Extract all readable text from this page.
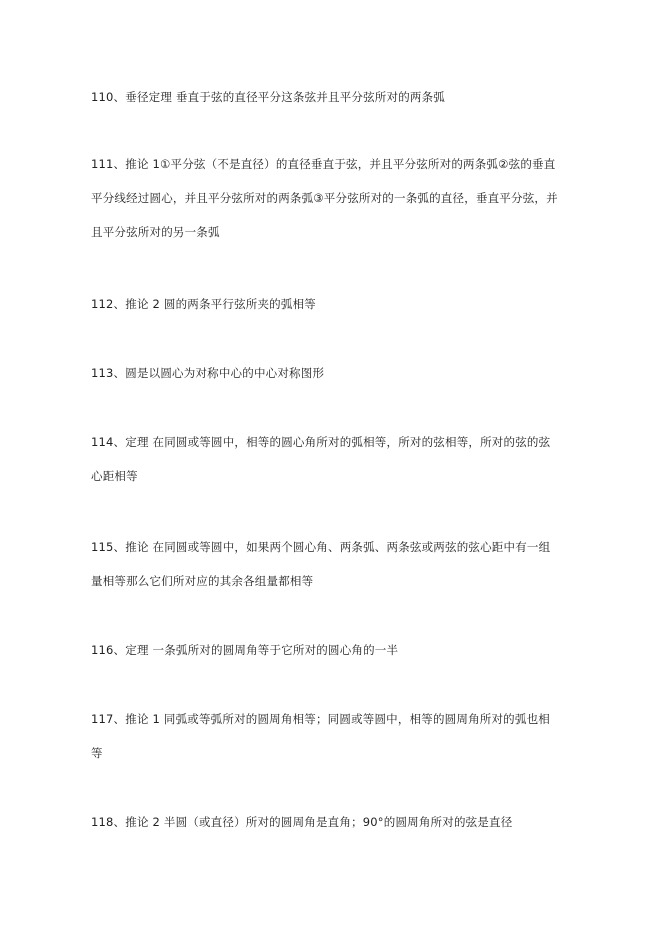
110、垂径定理 垂直于弦的直径平分这条弦并且平分弦所对的两条弧
111、推论 1①平分弦（不是直径）的直径垂直于弦，并且平分弦所对的两条弧②弦的垂直
平分线经过圆心，并且平分弦所对的两条弧③平分弦所对的一条弧的直径，垂直平分弦，并
且平分弦所对的另一条弧
112、推论 2 圆的两条平行弦所夹的弧相等
113、圆是以圆心为对称中心的中心对称图形
114、定理 在同圆或等圆中，相等的圆心角所对的弧相等，所对的弦相等，所对的弦的弦
心距相等
115、推论 在同圆或等圆中，如果两个圆心角、两条弧、两条弦或两弦的弦心距中有一组
量相等那么它们所对应的其余各组量都相等
116、定理 一条弧所对的圆周角等于它所对的圆心角的一半
117、推论 1 同弧或等弧所对的圆周角相等；同圆或等圆中，相等的圆周角所对的弧也相
等
118、推论 2 半圆（或直径）所对的圆周角是直角；90°的圆周角所对的弦是直径
